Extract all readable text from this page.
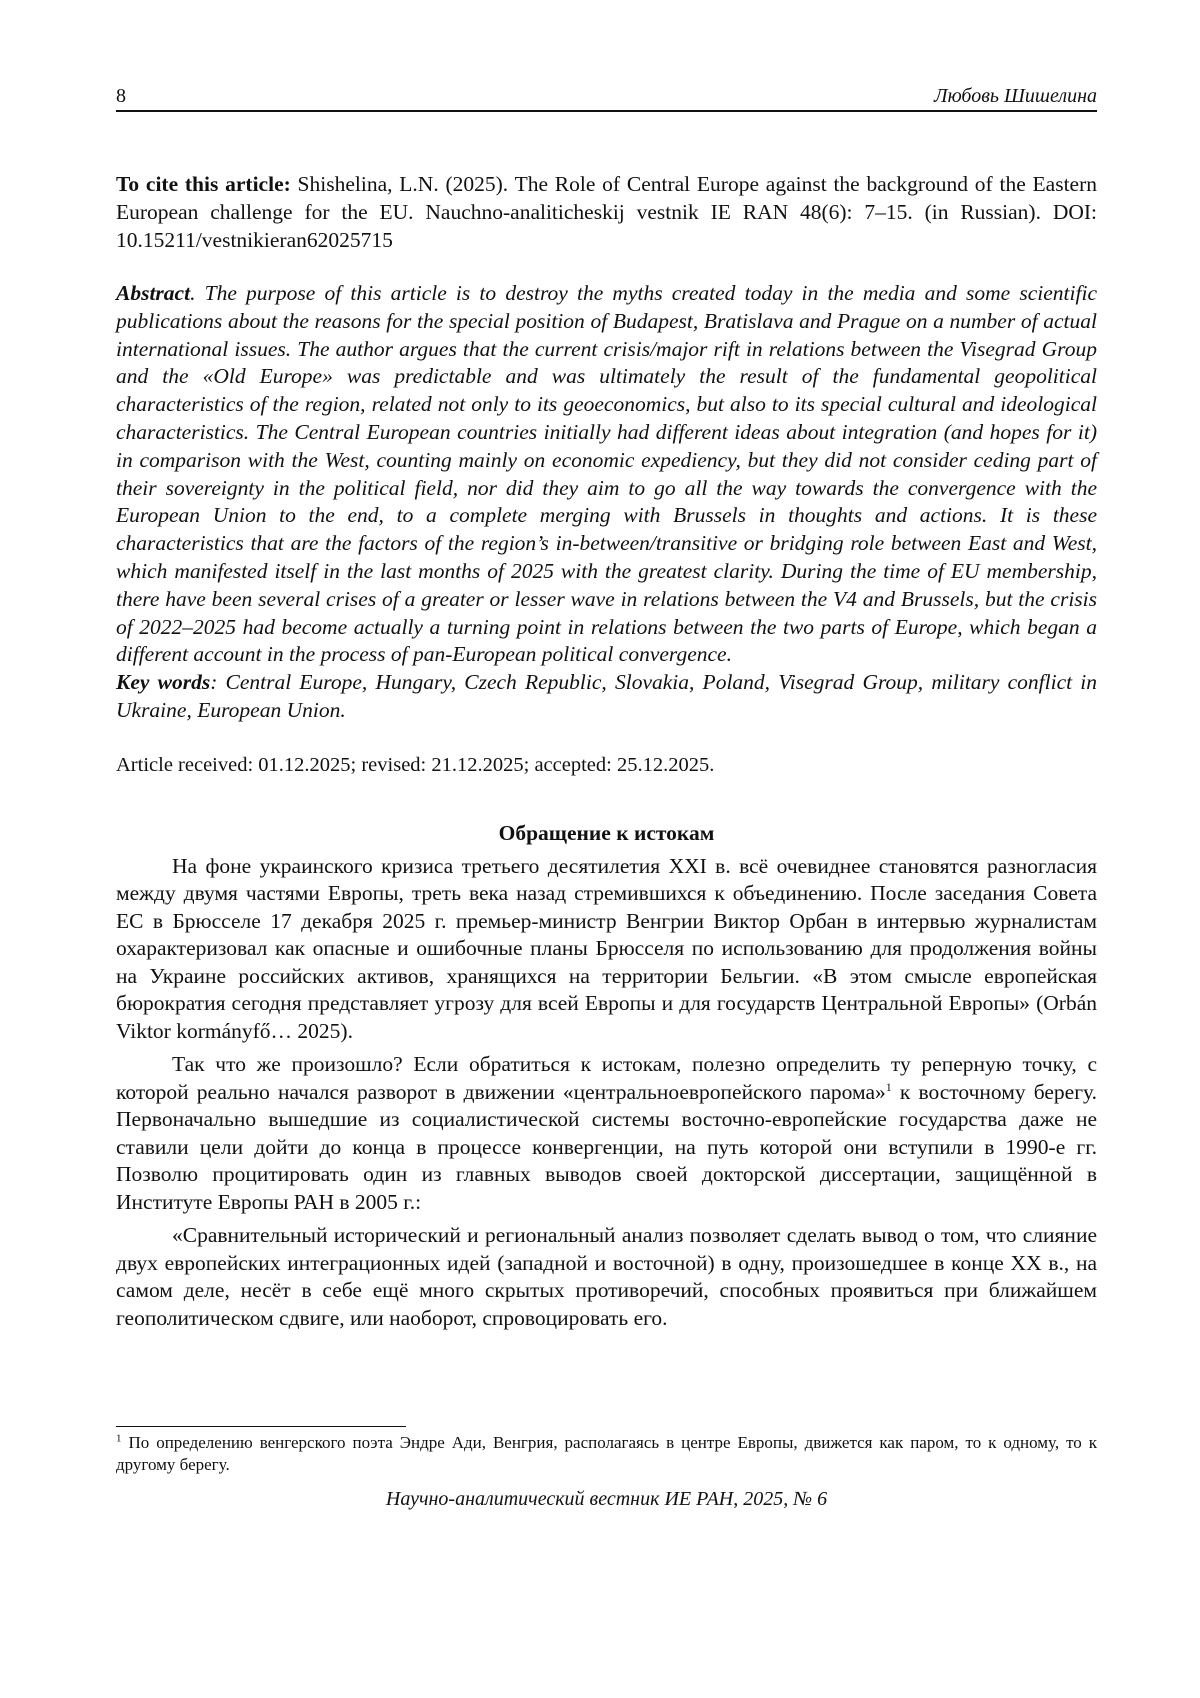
8	Любовь Шишелина

To cite this article: Shishelina, L.N. (2025). The Role of Central Europe against the background of the Eastern European challenge for the EU. Nauchno-analiticheskij vestnik IE RAN 48(6): 7–15. (in Russian). DOI: 10.15211/vestnikieran62025715

Abstract. The purpose of this article is to destroy the myths created today in the media and some scientific publications about the reasons for the special position of Budapest, Bratislava and Prague on a number of actual international issues. The author argues that the current crisis/major rift in relations between the Visegrad Group and the «Old Europe» was predictable and was ultimately the result of the fundamental geopolitical characteristics of the region, related not only to its geoeconomics, but also to its special cultural and ideological characteristics. The Central European countries initially had different ideas about integration (and hopes for it) in comparison with the West, counting mainly on economic expediency, but they did not consider ceding part of their sovereignty in the political field, nor did they aim to go all the way towards the convergence with the European Union to the end, to a complete merging with Brussels in thoughts and actions. It is these characteristics that are the factors of the region’s in-between/transitive or bridging role between East and West, which manifested itself in the last months of 2025 with the greatest clarity. During the time of EU membership, there have been several crises of a greater or lesser wave in relations between the V4 and Brussels, but the crisis of 2022–2025 had become actually a turning point in relations between the two parts of Europe, which began a different account in the process of pan-European political convergence.

Key words: Central Europe, Hungary, Czech Republic, Slovakia, Poland, Visegrad Group, military conflict in Ukraine, European Union.

Article received: 01.12.2025; revised: 21.12.2025; accepted: 25.12.2025.

Обращение к истокам

На фоне украинского кризиса третьего десятилетия XXI в. всё очевиднее становятся разногласия между двумя частями Европы, треть века назад стремившихся к объединению. После заседания Совета ЕС в Брюсселе 17 декабря 2025 г. премьер-министр Венгрии Виктор Орбан в интервью журналистам охарактеризовал как опасные и ошибочные планы Брюсселя по использованию для продолжения войны на Украине российских активов, хранящихся на территории Бельгии. «В этом смысле европейская бюрократия сегодня представляет угрозу для всей Европы и для государств Центральной Европы» (Orbán Viktor kormányfő… 2025).

Так что же произошло? Если обратиться к истокам, полезно определить ту реперную точку, с которой реально начался разворот в движении «центральноевропейского парома»$^1$ к восточному берегу. Первоначально вышедшие из социалистической системы восточно-европейские государства даже не ставили цели дойти до конца в процессе конвергенции, на путь которой они вступили в 1990-е гг. Позволю процитировать один из главных выводов своей докторской диссертации, защищённой в Институте Европы РАН в 2005 г.:

«Сравнительный исторический и региональный анализ позволяет сделать вывод о том, что слияние двух европейских интеграционных идей (западной и восточной) в одну, произошедшее в конце XX в., на самом деле, несёт в себе ещё много скрытых противоречий, способных проявиться при ближайшем геополитическом сдвиге, или наоборот, спровоцировать его.

$^1$ По определению венгерского поэта Эндре Ади, Венгрия, располагаясь в центре Европы, движется как паром, то к одному, то к другому берегу.

Научно-аналитический вестник ИЕ РАН, 2025, № 6
